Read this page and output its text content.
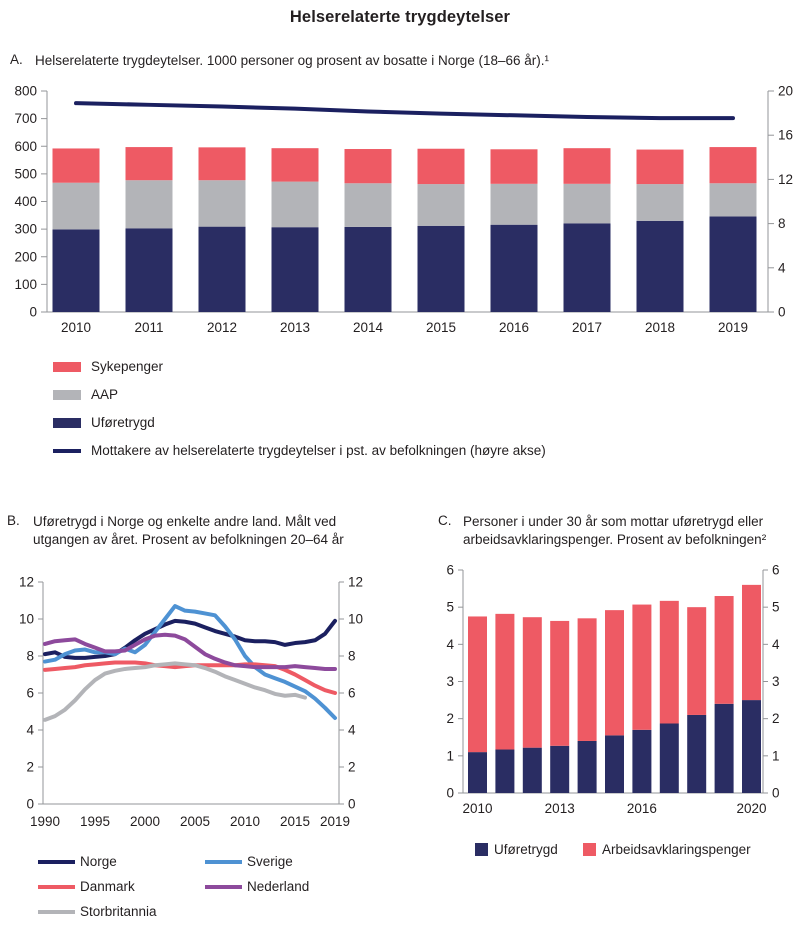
Helserelaterte trygdeytelser
A. Helserelaterte trygdeytelser. 1000 personer og prosent av bosatte i Norge (18–66 år).¹
0
100
200
300
400
500
600
700
800
0
4
8
12
16
20
2010	2011	2012	2013	2014	2015	2016	2017	2018	2019
Sykepenger
AAP
Uføretrygd
Mottakere av helserelaterte trygdeytelser i pst. av befolkningen (høyre akse)
B. Uføretrygd i Norge og enkelte andre land. Målt ved utgangen av året. Prosent av befolkningen 20–64 år
0	0
2	2
4	4
6	6
8	8
10	10
12	12
1990 1995 2000 2005 2010 2015 2019
Norge	Sverige
Danmark	Nederland
Storbritannia
C. Personer i under 30 år som mottar uføretrygd eller arbeidsavklaringspenger. Prosent av befolkningen²
0	0
1	1
2	2
3	3
4	4
5	5
6	6
2010	2013	2016	2020
Uføretrygd	Arbeidsavklaringspenger
